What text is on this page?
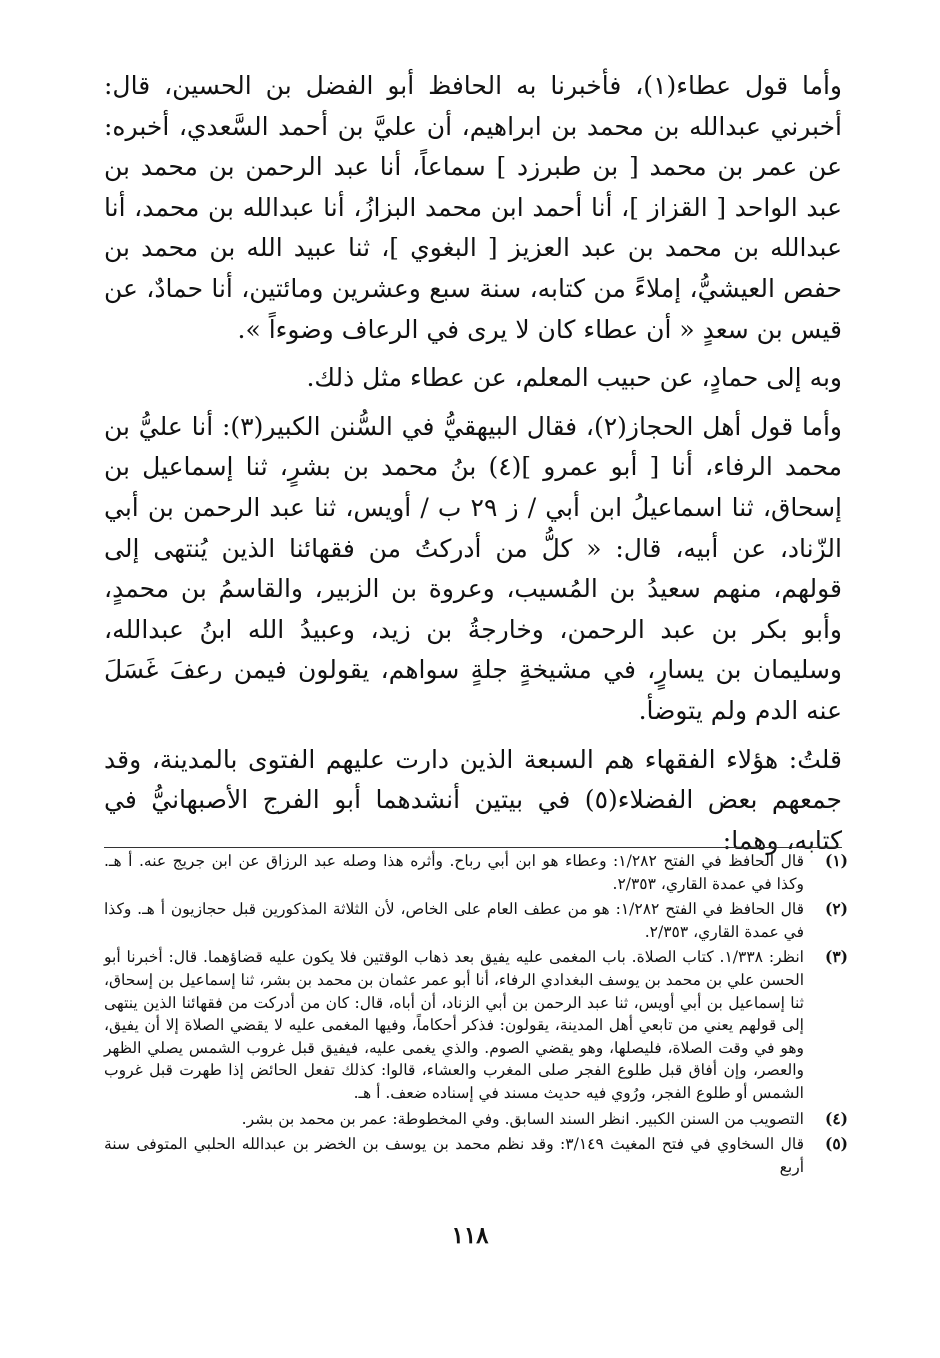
وأما قول عطاء(١)، فأخبرنا به الحافظ أبو الفضل بن الحسين، قال: أخبرني عبدالله بن محمد بن ابراهيم، أن عليَّ بن أحمد السَّعدي، أخبره: عن عمر بن محمد [ بن طبرزد ] سماعاً، أنا عبد الرحمن بن محمد بن عبد الواحد [ القزاز ]، أنا أحمد ابن محمد البزازُ، أنا عبدالله بن محمد، أنا عبدالله بن محمد بن عبد العزيز [ البغوي ]، ثنا عبيد الله بن محمد بن حفص العيشيُّ، إملاءً من كتابه، سنة سبع وعشرين ومائتين، أنا حمادٌ، عن قيس بن سعدٍ « أن عطاء كان لا يرى في الرعاف وضوءاً ».

وبه إلى حمادٍ، عن حبيب المعلم، عن عطاء مثل ذلك.

وأما قول أهل الحجاز(٢)، فقال البيهقيُّ في السُّنن الكبير(٣): أنا عليُّ بن محمد الرفاء، أنا [ أبو عمرو ](٤) بنُ محمد بن بشرٍ، ثنا إسماعيل بن إسحاق، ثنا اسماعيلُ ابن أبي / ز ٢٩ ب / أويس، ثنا عبد الرحمن بن أبي الزّناد، عن أبيه، قال: « كلُّ من أدركتُ من فقهائنا الذين يُنتهى إلى قولهم، منهم سعيدُ بن المُسيب، وعروة بن الزبير، والقاسمُ بن محمدٍ، وأبو بكر بن عبد الرحمن، وخارجةُ بن زيد، وعبيدُ الله ابنُ عبدالله، وسليمان بن يسارٍ، في مشيخةٍ جلةٍ سواهم، يقولون فيمن رعفَ غَسَلَ عنه الدم ولم يتوضأ.

قلتُ: هؤلاء الفقهاء هم السبعة الذين دارت عليهم الفتوى بالمدينة، وقد جمعهم بعض الفضلاء(٥) في بيتين أنشدهما أبو الفرج الأصبهانيُّ في كتابه، وهما:

(١)
قال الحافظ في الفتح ١/٢٨٢: وعطاء هو ابن أبي رباح. وأثره هذا وصله عبد الرزاق عن ابن جريج عنه. أ هـ. وكذا في عمدة القاري، ٢/٣٥٣.
(٢)
قال الحافظ في الفتح ١/٢٨٢: هو من عطف العام على الخاص، لأن الثلاثة المذكورين قبل حجازيون أ هـ. وكذا في عمدة القاري، ٢/٣٥٣.
(٣)
انظر: ١/٣٣٨. كتاب الصلاة. باب المغمى عليه يفيق بعد ذهاب الوقتين فلا يكون عليه قضاؤهما. قال: أخبرنا أبو الحسن علي بن محمد بن يوسف البغدادي الرفاء، أنا أبو عمر عثمان بن محمد بن بشر، ثنا إسماعيل بن إسحاق، ثنا إسماعيل بن أبي أويس، ثنا عبد الرحمن بن أبي الزناد، أن أباه، قال: كان من أدركت من فقهائنا الذين ينتهى إلى قولهم يعني من تابعي أهل المدينة، يقولون: فذكر أحكاماً، وفيها المغمى عليه لا يقضي الصلاة إلا أن يفيق، وهو في وقت الصلاة، فليصلها، وهو يقضي الصوم. والذي يغمى عليه، فيفيق قبل غروب الشمس يصلي الظهر والعصر، وإن أفاق قبل طلوع الفجر صلى المغرب والعشاء، قالوا: كذلك تفعل الحائض إذا طهرت قبل غروب الشمس أو طلوع الفجر، ورُوي فيه حديث مسند في إسناده ضعف. أ هـ.
(٤)
التصويب من السنن الكبير. انظر السند السابق. وفي المخطوطة: عمر بن محمد بن بشر.
(٥)
قال السخاوي في فتح المغيث ٣/١٤٩: وقد نظم محمد بن يوسف بن الخضر بن عبدالله الحلبي المتوفى سنة أربع
١١٨
